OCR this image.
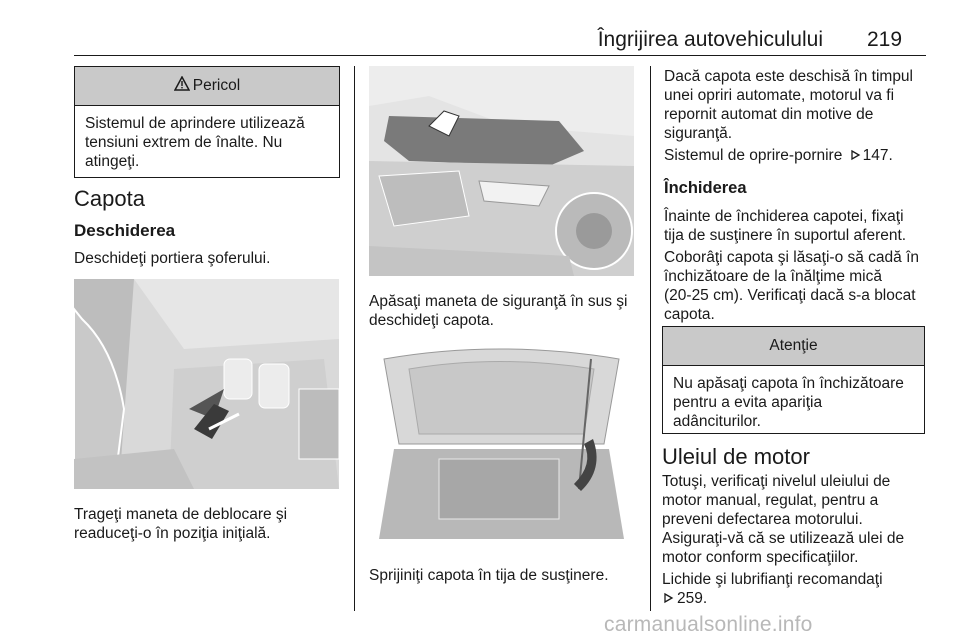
Îngrijirea autovehiculului 219
Pericol
Sistemul de aprindere utilizează
tensiuni extrem de înalte. Nu
atingeţi.
Capota
Deschiderea
Deschideţi portiera şoferului.
Trageţi maneta de deblocare şi
readuceţi-o în poziţia iniţială.
Apăsaţi maneta de siguranţă în sus şi
deschideţi capota.
Sprijiniţi capota în tija de susţinere.
Dacă capota este deschisă în timpul
unei opriri automate, motorul va fi
repornit automat din motive de
siguranţă.
Sistemul de oprire-pornire 147.
Închiderea
Înainte de închiderea capotei, fixaţi
tija de susţinere în suportul aferent.
Coborâţi capota şi lăsaţi-o să cadă în
închizătoare de la înălţime mică
(20-25 cm). Verificaţi dacă s-a blocat
capota.
Atenţie
Nu apăsaţi capota în închizătoare
pentru a evita apariţia
adânciturilor.
Uleiul de motor
Totuşi, verificaţi nivelul uleiului de
motor manual, regulat, pentru a
preveni defectarea motorului.
Asiguraţi-vă că se utilizează ulei de
motor conform specificaţiilor.
Lichide şi lubrifianţi recomandaţi
259.
carmanualsonline.info
